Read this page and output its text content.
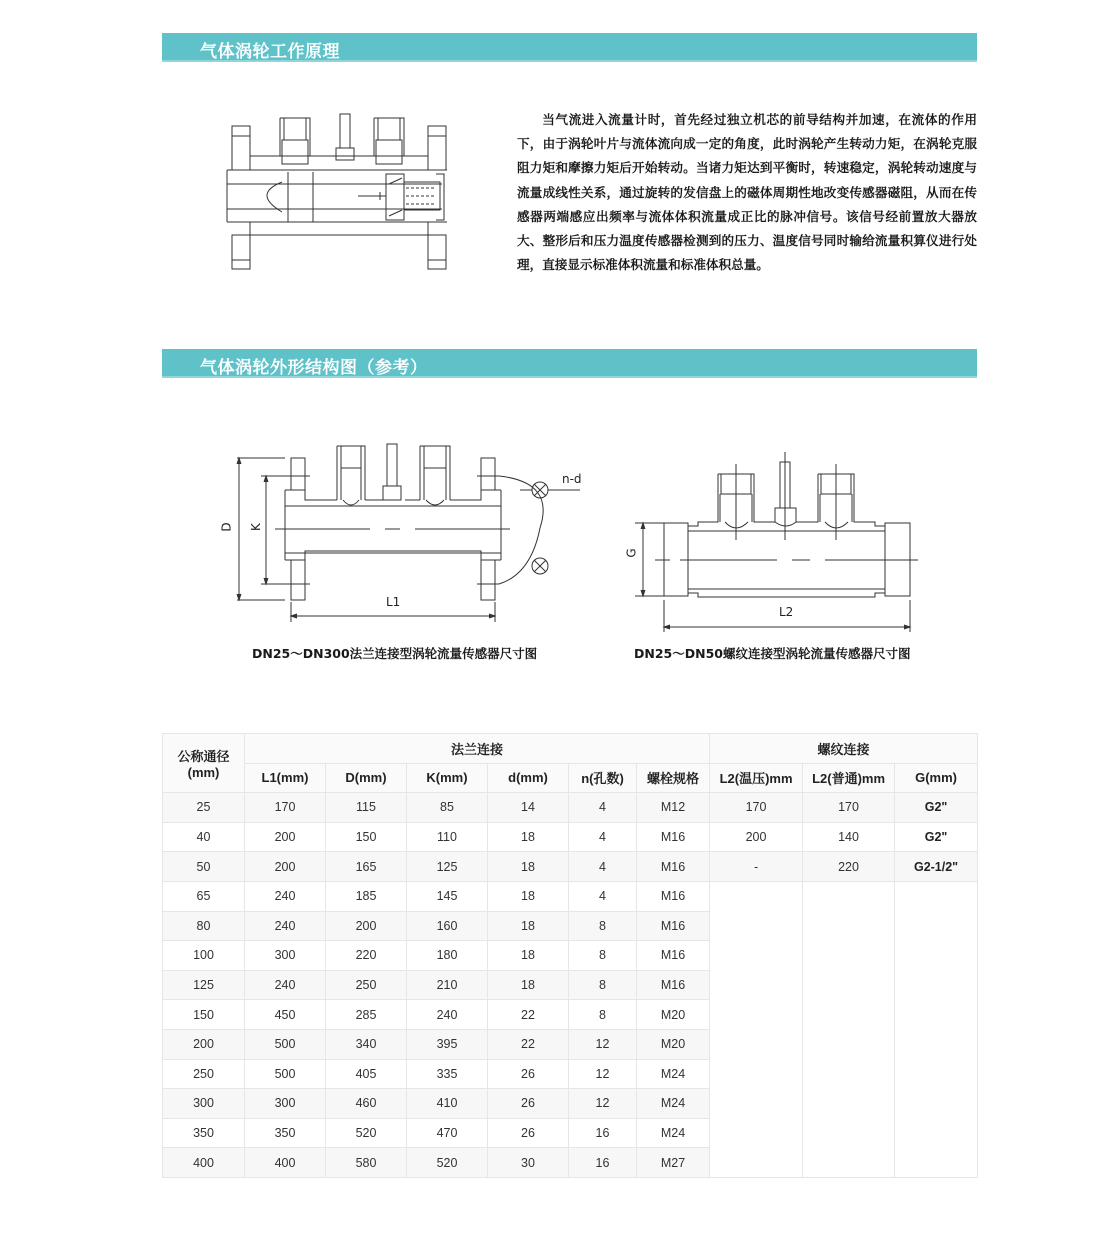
气体涡轮工作原理
当气流进入流量计时，首先经过独立机芯的前导结构并加速，在流体的作用下，由于涡轮叶片与流体流向成一定的角度，此时涡轮产生转动力矩，在涡轮克服阻力矩和摩擦力矩后开始转动。当诸力矩达到平衡时，转速稳定，涡轮转动速度与流量成线性关系，通过旋转的发信盘上的磁体周期性地改变传感器磁阻，从而在传感器两端感应出频率与流体体积流量成正比的脉冲信号。该信号经前置放大器放大、整形后和压力温度传感器检测到的压力、温度信号同时输给流量积算仪进行处理，直接显示标准体积流量和标准体积总量。
气体涡轮外形结构图（参考）
D K
L1
n-d
G
L2
DN25～DN300法兰连接型涡轮流量传感器尺寸图	DN25～DN50螺纹连接型涡轮流量传感器尺寸图
公称通径
(mm)	法兰连接						螺纹连接		
	L1(mm)	D(mm)	K(mm)	d(mm)	n(孔数)	螺栓规格	L2(温压)mm	L2(普通)mm	G(mm)
25	170	115	85	14	4	M12	170	170	G2"
40	200	150	110	18	4	M16	200	140	G2"
50	200	165	125	18	4	M16	-	220	G2-1/2"
65	240	185	145	18	4	M16			
80	240	200	160	18	8	M16			
100	300	220	180	18	8	M16			
125	240	250	210	18	8	M16			
150	450	285	240	22	8	M20			
200	500	340	395	22	12	M20			
250	500	405	335	26	12	M24			
300	300	460	410	26	12	M24			
350	350	520	470	26	16	M24			
400	400	580	520	30	16	M27			
